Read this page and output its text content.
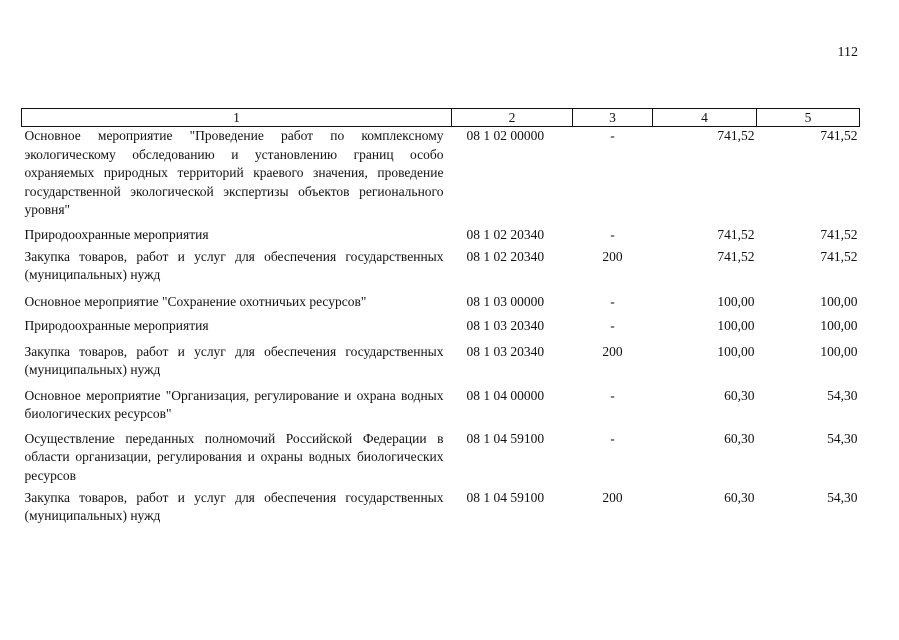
112
1	2	3	4	5
Основное мероприятие "Проведение работ по комплексному экологическому обследованию и установлению границ особо охраняемых природных территорий краевого значения, проведение государственной экологической экспертизы объектов регионального уровня"	08 1 02 00000	-	741,52	741,52
Природоохранные мероприятия	08 1 02 20340	-	741,52	741,52
Закупка товаров, работ и услуг для обеспечения государственных (муниципальных) нужд	08 1 02 20340	200	741,52	741,52
Основное мероприятие "Сохранение охотничьих ресурсов"	08 1 03 00000	-	100,00	100,00
Природоохранные мероприятия	08 1 03 20340	-	100,00	100,00
Закупка товаров, работ и услуг для обеспечения государственных (муниципальных) нужд	08 1 03 20340	200	100,00	100,00
Основное мероприятие "Организация, регулирование и охрана водных биологических ресурсов"	08 1 04 00000	-	60,30	54,30
Осуществление переданных полномочий Российской Федерации в области организации, регулирования и охраны водных биологических ресурсов	08 1 04 59100	-	60,30	54,30
Закупка товаров, работ и услуг для обеспечения государственных (муниципальных) нужд	08 1 04 59100	200	60,30	54,30
